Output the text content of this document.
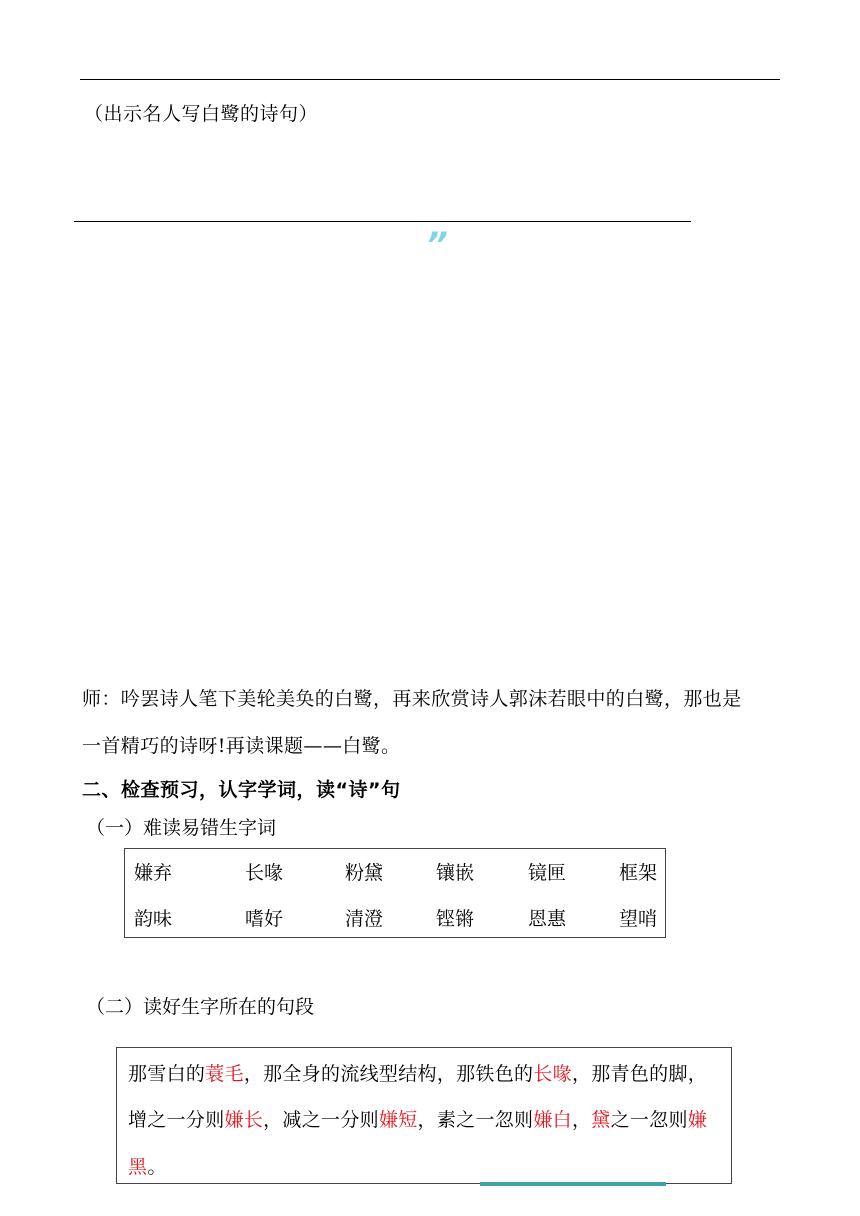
（出示名人写白鹭的诗句）
”
师：吟罢诗人笔下美轮美奂的白鹭，再来欣赏诗人郭沫若眼中的白鹭，那也是
一首精巧的诗呀!再读课题——白鹭。
二、检查预习，认字学词，读“诗”句
（一）难读易错生字词
嫌弃	长喙	粉黛	镶嵌	镜匣	框架
韵味	嗜好	清澄	铿锵	恩惠	望哨
（二）读好生字所在的句段
那雪白的蓑毛，那全身的流线型结构，那铁色的长喙，那青色的脚，
增之一分则嫌长，减之一分则嫌短，素之一忽则嫌白，黛之一忽则嫌
黑。
